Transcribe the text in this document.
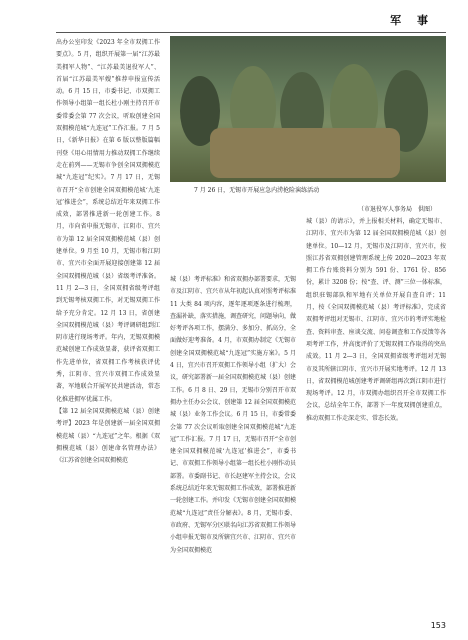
军 事

出办公室印发《2023 年全市双拥工作要点》。5 月，组织开展第一届“江苏最美拥军人物”、“江苏最美退役军人”、首届“江苏最美军嫂”推荐申报宣传活动。6 月 15 日，市委书记、市双拥工作领导小组第一组长杜小刚主持召开市委常委会第 77 次会议，听取创建全国双拥模范城“九连冠”工作汇报。7 月 5 日，《新华日报》在第 6 版以整版篇幅刊登《用心用情用力推动双拥工作继续走在前列——无锡市争创全国双拥模范城“九连冠”纪实》。7 月 17 日，无锡市召开“全市创建全国双拥模范城‘九连冠’推进会”，系统总结近年来双拥工作成效，部署推进新一轮创建工作。8 月，市向省申报无锡市、江阴市、宜兴市为第 12 届全国双拥模范城（县）创建单位。9 月至 10 月，无锡市和江阴市、宜兴市全面开展迎接创建第 12 届全国双拥模范城（县）省级考评准备。11 月 2—3 日，全国双拥省级考评组到无锡考核双拥工作，对无锡双拥工作给予充分肯定。12 月 13 日，省创建全国双拥模范城（县）考评调研组到江阴市进行现场考评。年内，无锡双拥模范城创建工作成效显著，获评省双拥工作先进单位，省双拥工作考核获评优秀，江阴市、宜兴市双拥工作成效显著，军地联合开展军民共建活动，常态化推进拥军优属工作。

【第 12 届全国双拥模范城（县）创建考评】2023 年是创建新一届全国双拥模范城（县）“九连冠”之年。根据《双拥模范城（县）创建命名管理办法》《江苏省创建全国双拥模范

7 月 26 日，无锡市开展应急内涝抢险演练活动
（市退役军人事务局　供图）

城（县）考评标准》和省双拥办部署要求，无锡市及江阴市、宜兴市从年初起认真对照考评标准 11 大类 84 项内容，逐年逐项逐条进行梳理，查漏补缺，落实措施，调查研究，问题导向，做好考评各项工作，摆满分、多加分、抓高分，全面做好迎考准备。4 月，市双拥办制定《无锡市创建全国双拥模范城“九连冠”实施方案》。5 月 4 日，宜兴市召开双拥工作领导小组（扩大）会议，研究部署新一届全国双拥模范城（县）创建工作。6 月 8 日、29 日，无锡市分别召开市双拥办主任办公会议、创建第 12 届全国双拥模范城（县）业务工作会议。6 月 15 日，市委常委会第 77 次会议听取创建全国双拥模范城“九连冠”工作汇报。7 月 17 日，无锡市召开“全市创建全国双拥模范城‘九连冠’推进会”，市委书记、市双拥工作领导小组第一组长杜小刚作动员部署。市委副书记、市长赵建军主持会议，会议系统总结近年来无锡双拥工作成效，部署推进新一轮创建工作。并印发《无锡市创建全国双拥模范城“九连冠”责任分解表》。8 月，无锡市委、市政府、无锡军分区联名向江苏省双拥工作领导小组申报无锡市及所辖宜兴市、江阴市、宜兴市为全国双拥模范

城（县）的请示》，并上报相关材料，确定无锡市、江阴市、宜兴市为第 12 届全国双拥模范城（县）创建单位。10—12 月，无锡市及江阴市、宜兴市，按照江苏省双拥创建管理系统上传 2020—2023 年双拥工作台账资料分别为 591 份、1761 份、856 份，累计 3208 份；按“查、评、测”三位一体标准，组织驻锡部队和军地有关单位开展自查自评；11 月，按《全国双拥模范城（县）考评标准》，完成省双拥考评组对无锡市、江阴市、宜兴市的考评实地检查、资料审查、座谈交流、问卷调查和工作反馈等各项考评工作，并高度评价了无锡双拥工作取得的突出成效。11 月 2—3 日，全国双拥省级考评组对无锡市及其所辖江阴市、宜兴市开展实地考评。12 月 13 日，省双拥模范城创建考评调研组再次到江阴市进行现场考评。12 月，市双拥办组织召开全市双拥工作会议，总结全年工作，部署下一年度双拥创建重点，推动双拥工作走深走实、常态长效。

153
